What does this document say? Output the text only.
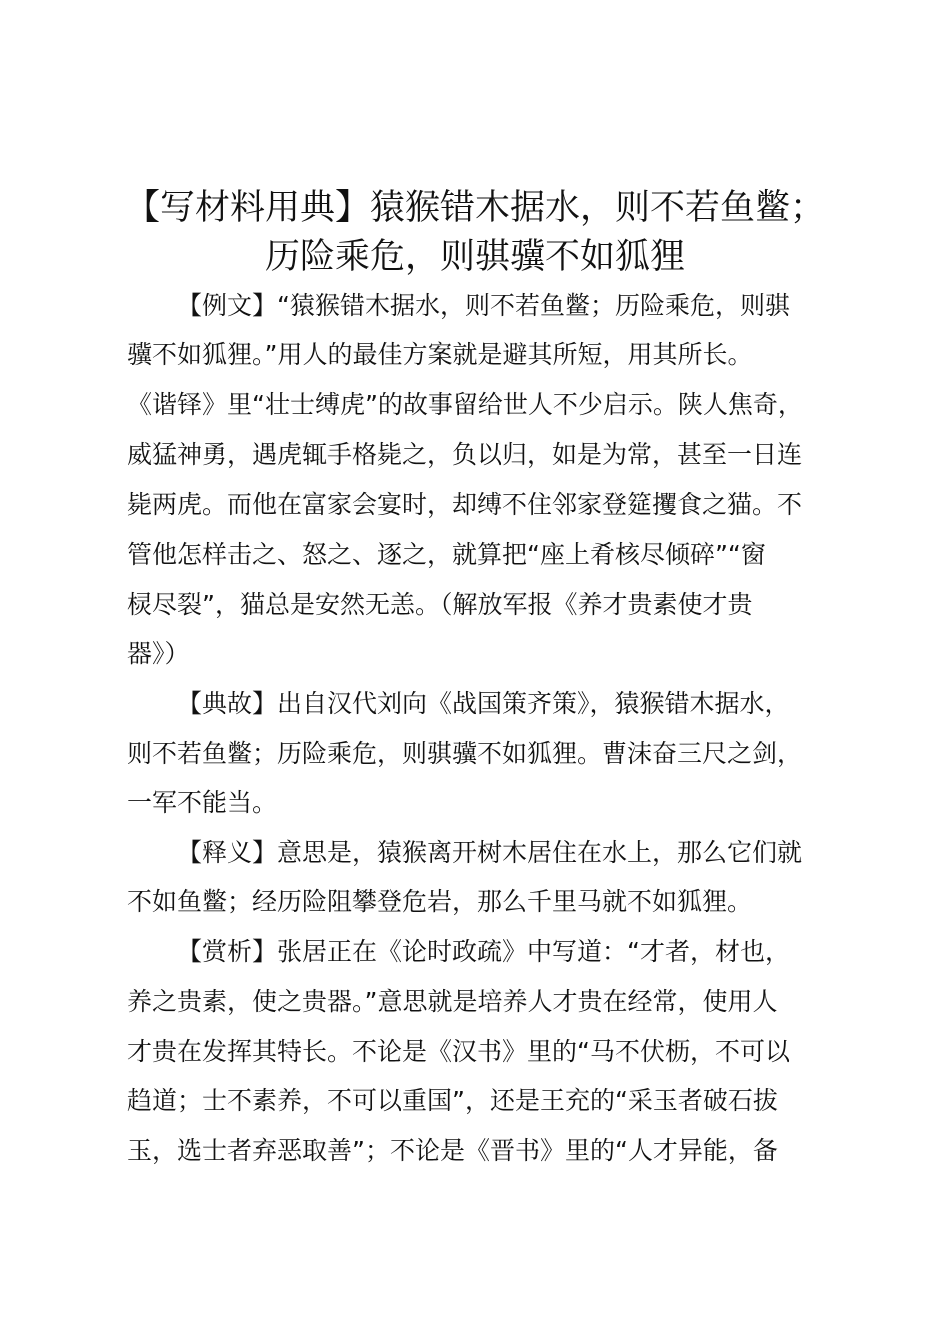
【写材料用典】猿猴错木据水，则不若鱼鳖；
历险乘危，则骐骥不如狐狸

【例文】“猿猴错木据水，则不若鱼鳖；历险乘危，则骐

骥不如狐狸。”用人的最佳方案就是避其所短，用其所长。

《谐铎》里“壮士缚虎”的故事留给世人不少启示。陕人焦奇，

威猛神勇，遇虎辄手格毙之，负以归，如是为常，甚至一日连

毙两虎。而他在富家会宴时，却缚不住邻家登筵攫食之猫。不

管他怎样击之、怒之、逐之，就算把“座上肴核尽倾碎”“窗

棂尽裂”，猫总是安然无恙。（解放军报《养才贵素使才贵

器》）

【典故】出自汉代刘向《战国策齐策》，猿猴错木据水，

则不若鱼鳖；历险乘危，则骐骥不如狐狸。曹沫奋三尺之剑，

一军不能当。

【释义】意思是，猿猴离开树木居住在水上，那么它们就

不如鱼鳖；经历险阻攀登危岩，那么千里马就不如狐狸。

【赏析】张居正在《论时政疏》中写道：“才者，材也，

养之贵素，使之贵器。”意思就是培养人才贵在经常，使用人

才贵在发挥其特长。不论是《汉书》里的“马不伏枥，不可以

趋道；士不素养，不可以重国”，还是王充的“采玉者破石拔

玉，选士者弃恶取善”；不论是《晋书》里的“人才异能，备
